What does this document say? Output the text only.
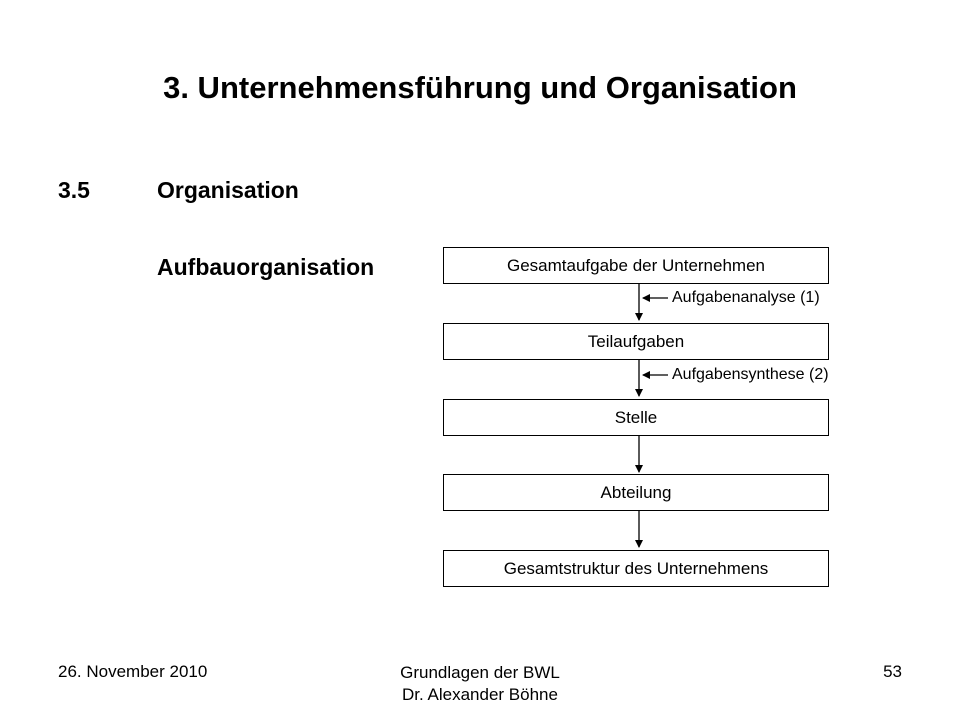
3. Unternehmensführung und Organisation
3.5	Organisation
Aufbauorganisation	Gesamtaufgabe der Unternehmen
Teilaufgaben
Stelle
Abteilung
Gesamtstruktur des Unternehmens
Aufgabenanalyse (1)
Aufgabensynthese (2)
26. November 2010	Grundlagen der BWL
Dr. Alexander Böhne
53
